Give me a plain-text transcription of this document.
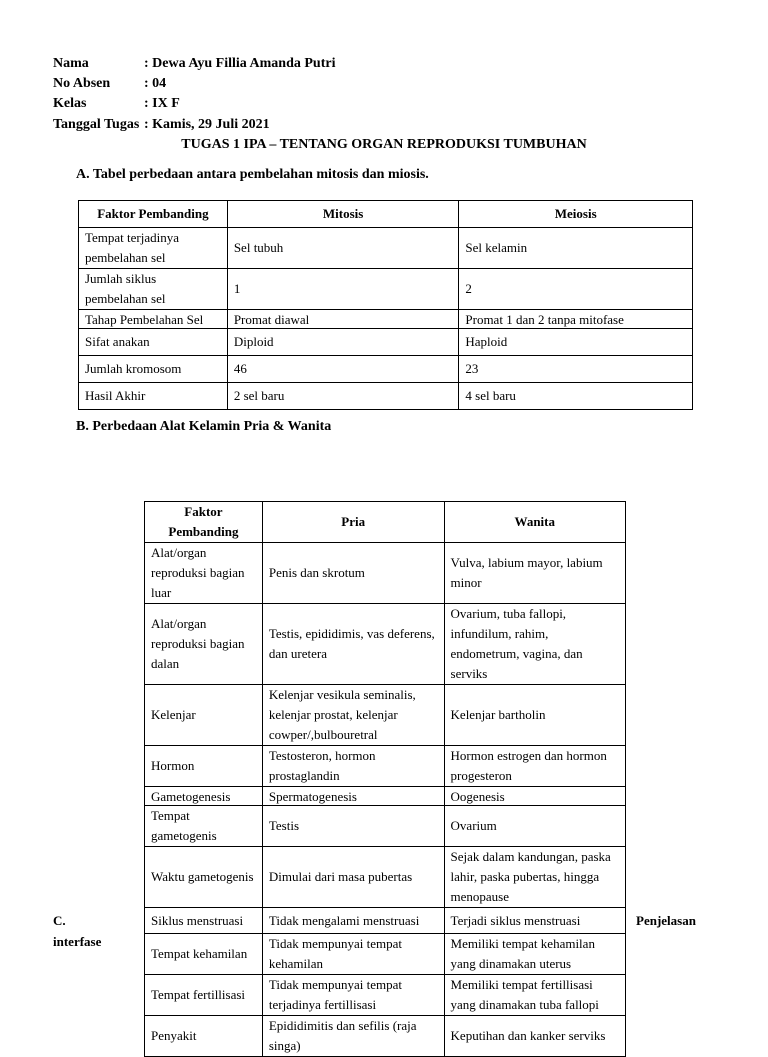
Nama	: Dewa Ayu Fillia Amanda Putri
No Absen : 04
Kelas	: IX F
Tanggal Tugas : Kamis, 29 Juli 2021
TUGAS 1 IPA – TENTANG ORGAN REPRODUKSI TUMBUHAN
A. Tabel perbedaan antara pembelahan mitosis dan miosis.
Faktor Pembanding	Mitosis	Meiosis
Tempat terjadinya pembelahan sel	Sel tubuh	Sel kelamin
Jumlah siklus pembelahan sel	1	2
Tahap Pembelahan Sel	Promat diawal	Promat 1 dan 2 tanpa mitofase
Sifat anakan	Diploid	Haploid
Jumlah kromosom	46	23
Hasil Akhir	2 sel baru	4 sel baru
B. Perbedaan Alat Kelamin Pria & Wanita
Faktor Pembanding	Pria	Wanita
Alat/organ reproduksi bagian luar	Penis dan skrotum	Vulva, labium mayor, labium minor
Alat/organ reproduksi bagian dalan	Testis, epididimis, vas deferens, dan uretera	Ovarium, tuba fallopi, infundilum, rahim, endometrum, vagina, dan serviks
Kelenjar	Kelenjar vesikula seminalis, kelenjar prostat, kelenjar cowper/,bulbouretral	Kelenjar bartholin
Hormon	Testosteron, hormon prostaglandin	Hormon estrogen dan hormon progesteron
Gametogenesis	Spermatogenesis	Oogenesis
Tempat gametogenis	Testis	Ovarium
Waktu gametogenis	Dimulai dari masa pubertas	Sejak dalam kandungan, paska lahir, paska pubertas, hingga menopause
Siklus menstruasi	Tidak mengalami menstruasi	Terjadi siklus menstruasi
Tempat kehamilan	Tidak mempunyai tempat kehamilan	Memiliki tempat kehamilan yang dinamakan uterus
Tempat fertillisasi	Tidak mempunyai tempat terjadinya fertillisasi	Memiliki tempat fertillisasi yang dinamakan tuba fallopi
Penyakit	Epididimitis dan sefilis (raja singa)	Keputihan dan kanker serviks
C.
interfase
Penjelasan
